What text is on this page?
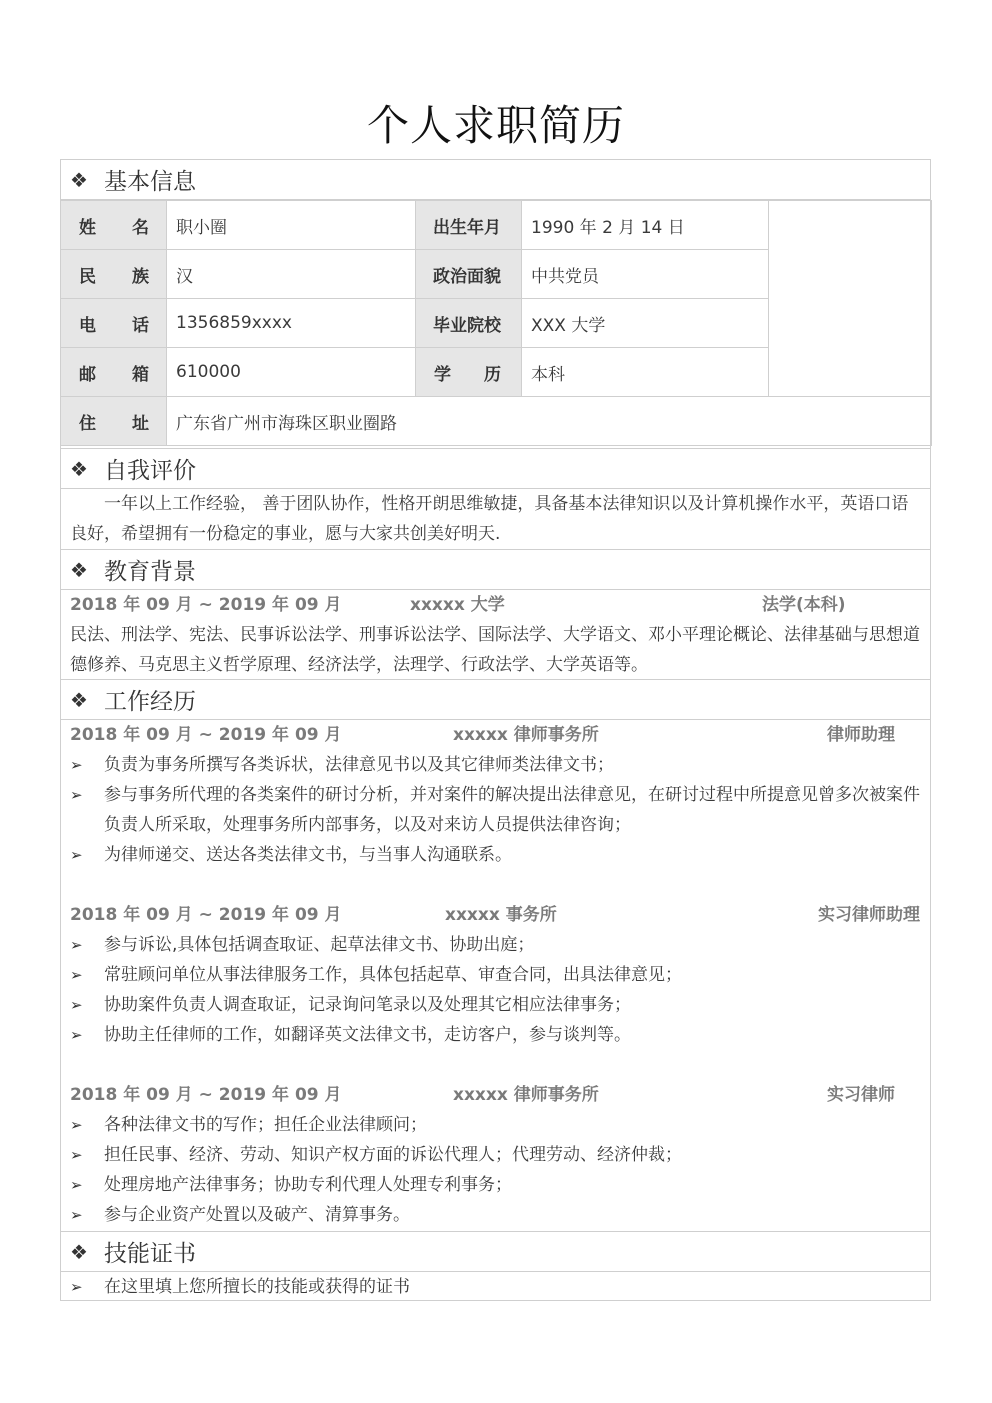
个人求职简历
❖ 基本信息
姓 名	职小圈	出生年月	1990 年 2 月 14 日	

民 族	汉	政治面貌	中共党员	

电 话	1356859xxxx	毕业院校	XXX 大学	

邮 箱	610000	学 历	本科	

住 址	广东省广州市海珠区职业圈路			
❖ 自我评价
一年以上工作经验， 善于团队协作，性格开朗思维敏捷，具备基本法律知识以及计算机操作水平，英语口语良好，希望拥有一份稳定的事业，愿与大家共创美好明天.
❖ 教育背景
2018 年 09 月 ~ 2019 年 09 月	xxxxx 大学	法学(本科)
民法、刑法学、宪法、民事诉讼法学、刑事诉讼法学、国际法学、大学语文、邓小平理论概论、法律基础与思想道德修养、马克思主义哲学原理、经济法学，法理学、行政法学、大学英语等。
❖ 工作经历
2018 年 09 月 ~ 2019 年 09 月	xxxxx 律师事务所	律师助理
➢	负责为事务所撰写各类诉状，法律意见书以及其它律师类法律文书；
➢	参与事务所代理的各类案件的研讨分析，并对案件的解决提出法律意见，在研讨过程中所提意见曾多次被案件负责人所采取，处理事务所内部事务，以及对来访人员提供法律咨询；
➢	为律师递交、送达各类法律文书，与当事人沟通联系。
2018 年 09 月 ~ 2019 年 09 月	xxxxx 事务所	实习律师助理
➢	参与诉讼,具体包括调查取证、起草法律文书、协助出庭；
➢	常驻顾问单位从事法律服务工作，具体包括起草、审查合同，出具法律意见；
➢	协助案件负责人调查取证，记录询问笔录以及处理其它相应法律事务；
➢	协助主任律师的工作，如翻译英文法律文书，走访客户，参与谈判等。
2018 年 09 月 ~ 2019 年 09 月	xxxxx 律师事务所	实习律师
➢	各种法律文书的写作；担任企业法律顾问；
➢	担任民事、经济、劳动、知识产权方面的诉讼代理人；代理劳动、经济仲裁；
➢	处理房地产法律事务；协助专利代理人处理专利事务；
➢	参与企业资产处置以及破产、清算事务。
❖ 技能证书
➢	在这里填上您所擅长的技能或获得的证书
